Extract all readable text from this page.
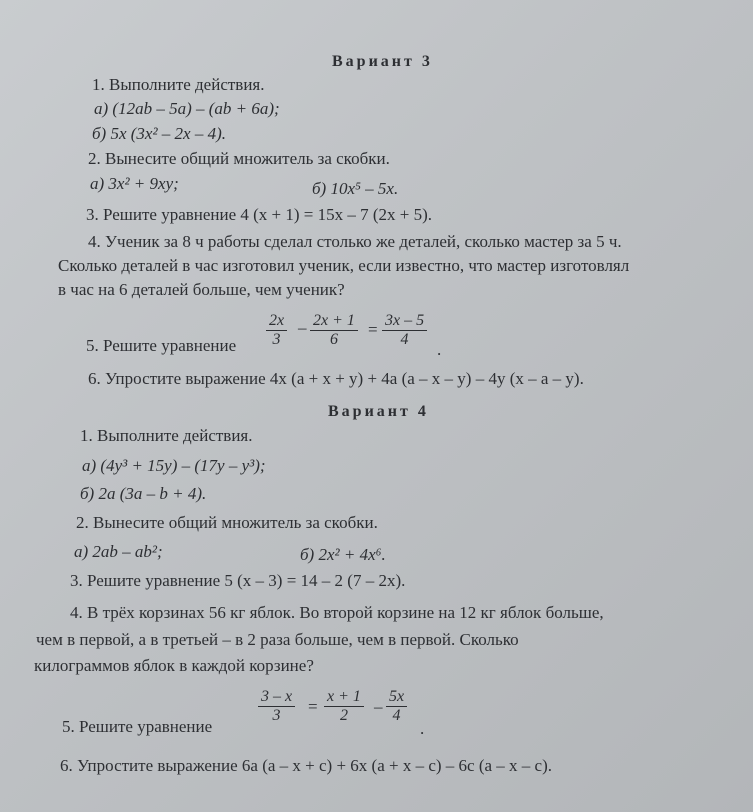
Вариант 3
1. Выполните действия.
а) (12ab – 5a) – (ab + 6a);
б) 5x (3x² – 2x – 4).
2. Вынесите общий множитель за скобки.
а) 3x² + 9xy;	б) 10x⁵ – 5x.
3. Решите уравнение 4 (x + 1) = 15x – 7 (2x + 5).
4. Ученик за 8 ч работы сделал столько же деталей, сколько мастер за 5 ч.
Сколько деталей в час изготовил ученик, если известно, что мастер изготовлял
в час на 6 деталей больше, чем ученик?
5. Решите уравнение $\frac{2x}{3} - \frac{2x + 1}{6} = \frac{3x - 5}{4}$
.
6. Упростите выражение 4x (a + x + y) + 4a (a – x – y) – 4y (x – a – y).
Вариант 4
1. Выполните действия.
а) (4y³ + 15y) – (17y – y³);
б) 2a (3a – b + 4).
2. Вынесите общий множитель за скобки.
а) 2ab – ab²;	б) 2x² + 4x⁶.
3. Решите уравнение 5 (x – 3) = 14 – 2 (7 – 2x).
4. В трёх корзинах 56 кг яблок. Во второй корзине на 12 кг яблок больше,
чем в первой, а в третьей – в 2 раза больше, чем в первой. Сколько
килограммов яблок в каждой корзине?
5. Решите уравнение
$\frac{3 - x}{3} = \frac{x + 1}{2} - \frac{5x}{4}$
.
6. Упростите выражение 6a (a – x + c) + 6x (a + x – c) – 6c (a – x – c).
